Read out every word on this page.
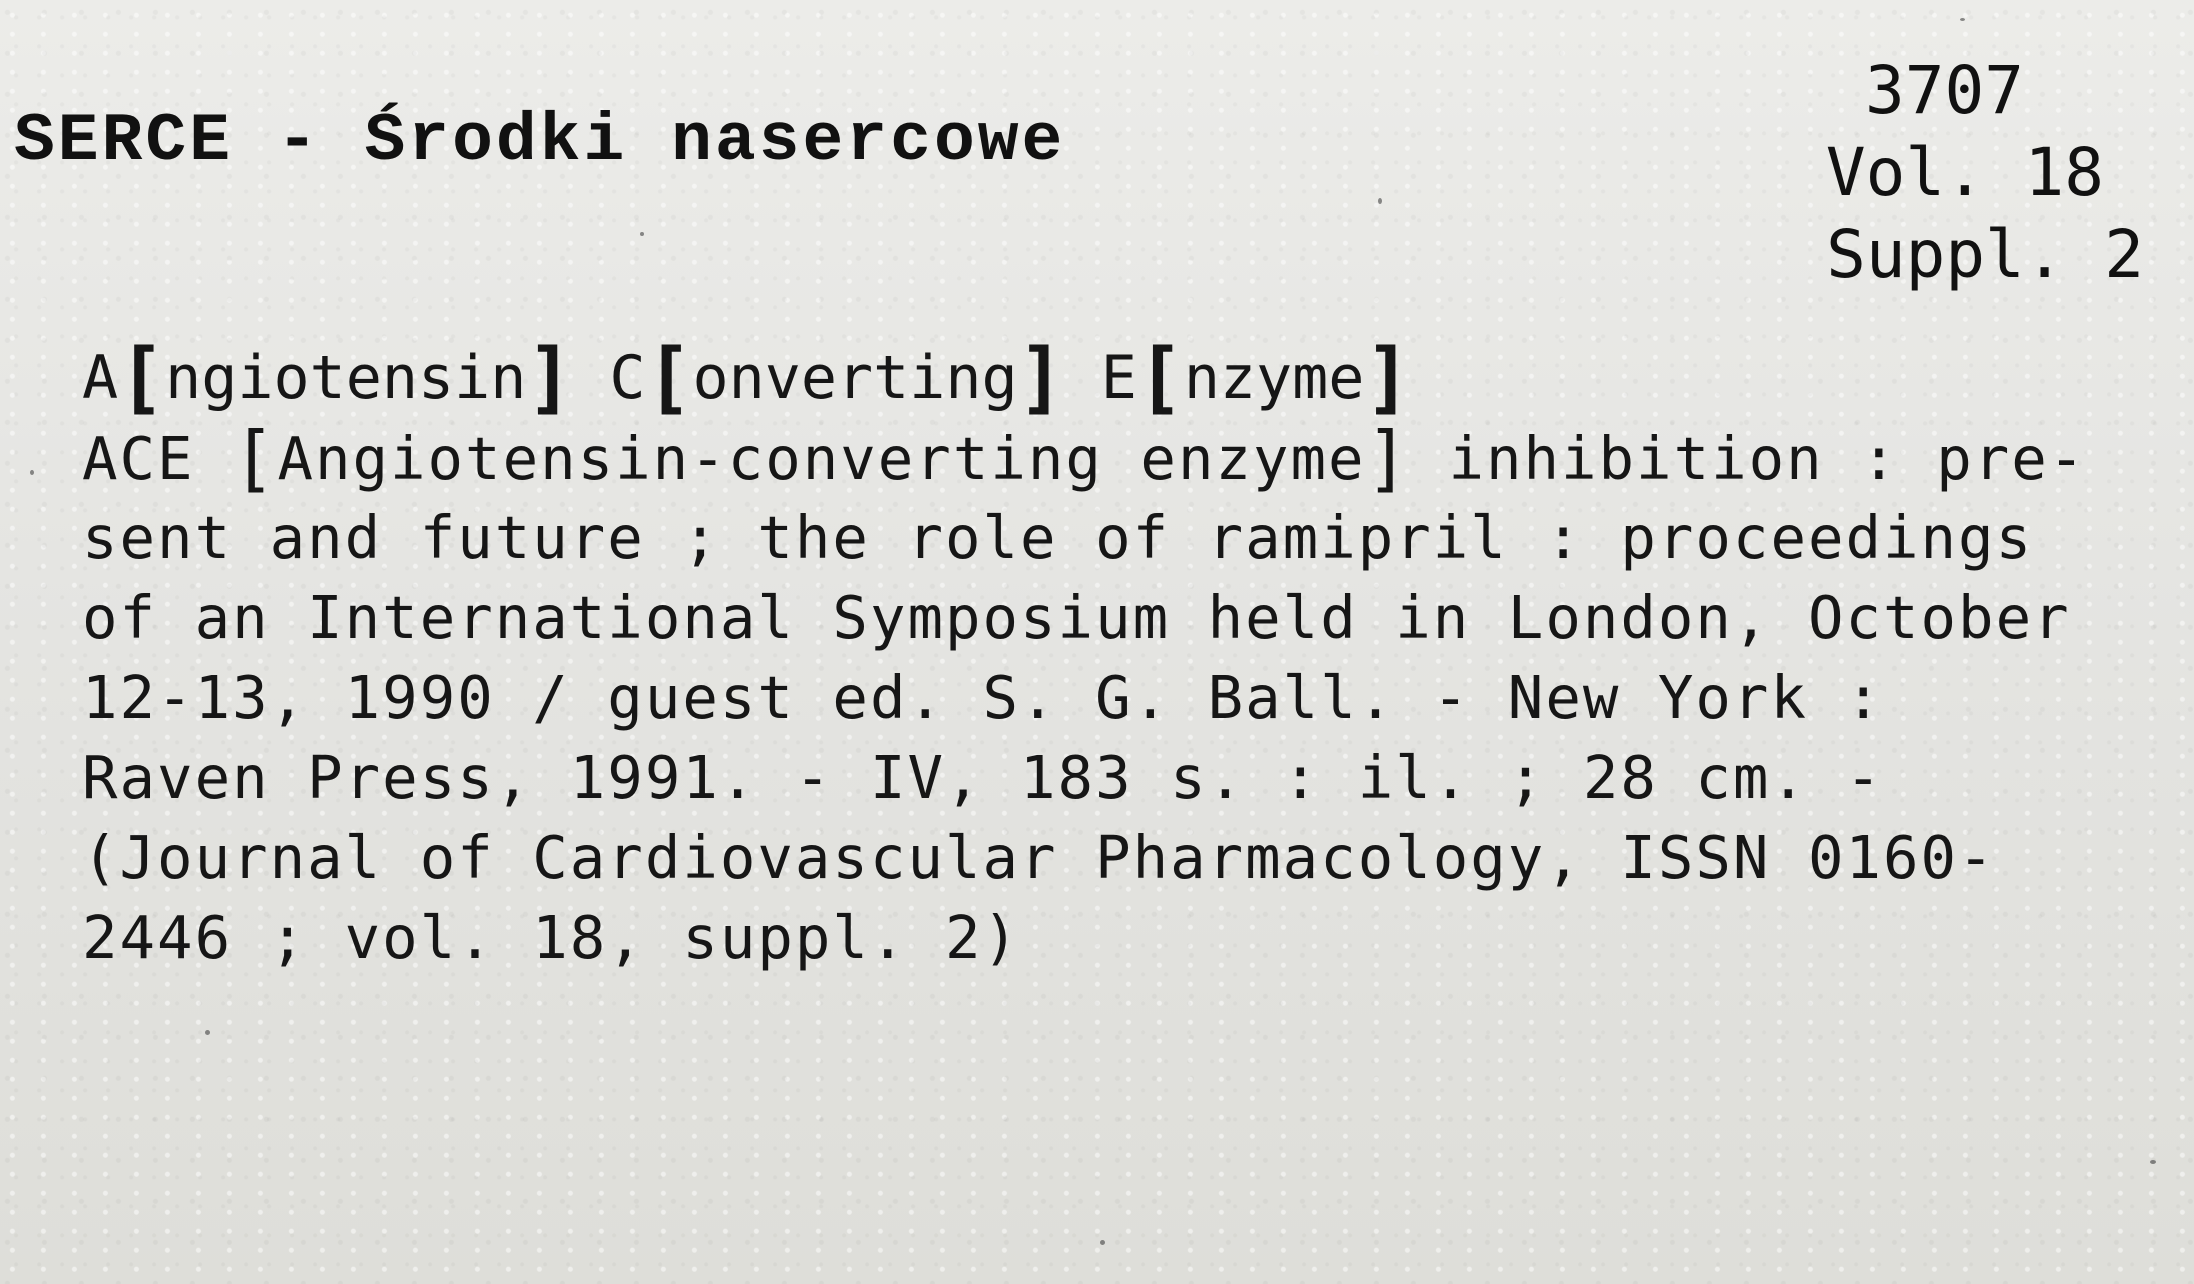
SERCE - Środki nasercowe
3707
Vol. 18
Suppl. 2
A[ngiotensin] C[onverting] E[nzyme]
ACE [Angiotensin-converting enzyme] inhibition : pre-
sent and future ; the role of ramipril : proceedings
of an International Symposium held in London, October
12-13, 1990 / guest ed. S. G. Ball. - New York :
Raven Press, 1991. - IV, 183 s. : il. ; 28 cm. -
(Journal of Cardiovascular Pharmacology, ISSN 0160-
2446 ; vol. 18, suppl. 2)
